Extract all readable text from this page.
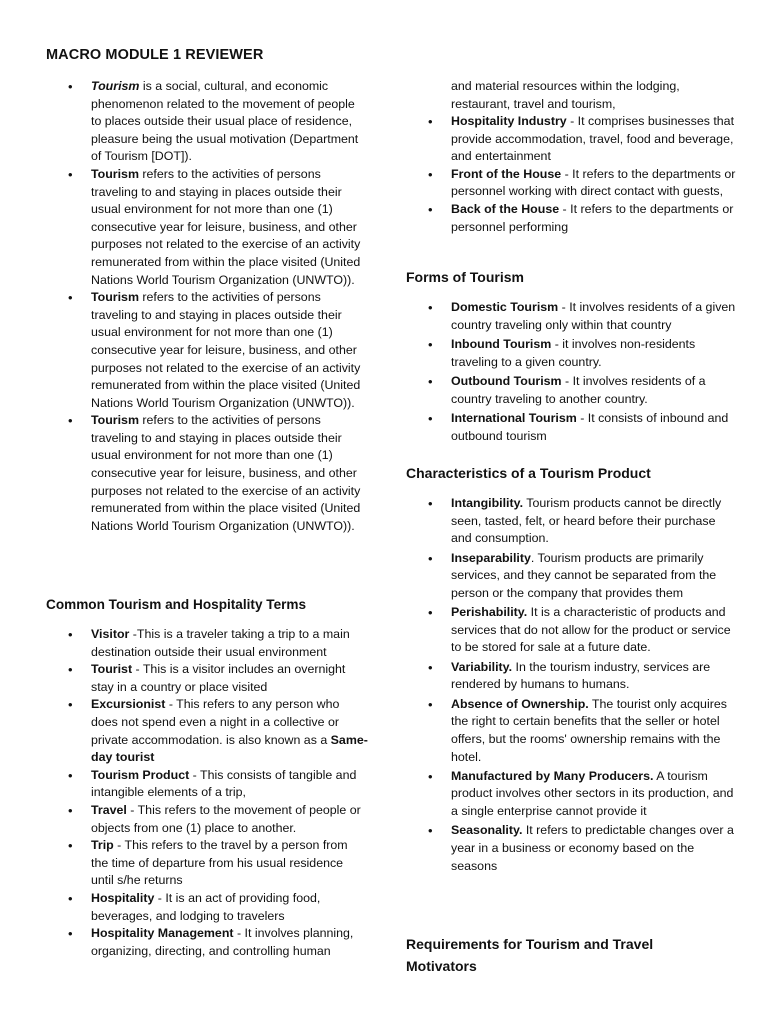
MACRO MODULE 1 REVIEWER
• Tourism is a social, cultural, and economic phenomenon related to the movement of people to places outside their usual place of residence, pleasure being the usual motivation (Department of Tourism [DOT]).
• Tourism refers to the activities of persons traveling to and staying in places outside their usual environment for not more than one (1) consecutive year for leisure, business, and other purposes not related to the exercise of an activity remunerated from within the place visited (United Nations World Tourism Organization (UNWTO)).
• Tourism refers to the activities of persons traveling to and staying in places outside their usual environment for not more than one (1) consecutive year for leisure, business, and other purposes not related to the exercise of an activity remunerated from within the place visited (United Nations World Tourism Organization (UNWTO)).
• Tourism refers to the activities of persons traveling to and staying in places outside their usual environment for not more than one (1) consecutive year for leisure, business, and other purposes not related to the exercise of an activity remunerated from within the place visited (United Nations World Tourism Organization (UNWTO)).
Common Tourism and Hospitality Terms
• Visitor -This is a traveler taking a trip to a main destination outside their usual environment
• Tourist - This is a visitor includes an overnight stay in a country or place visited
• Excursionist - This refers to any person who does not spend even a night in a collective or private accommodation. is also known as a Same-day tourist
• Tourism Product - This consists of tangible and intangible elements of a trip,
• Travel - This refers to the movement of people or objects from one (1) place to another.
• Trip - This refers to the travel by a person from the time of departure from his usual residence until s/he returns
• Hospitality - It is an act of providing food, beverages, and lodging to travelers
• Hospitality Management - It involves planning, organizing, directing, and controlling human
and material resources within the lodging, restaurant, travel and tourism,
• Hospitality Industry - It comprises businesses that provide accommodation, travel, food and beverage, and entertainment
• Front of the House - It refers to the departments or personnel working with direct contact with guests,
• Back of the House - It refers to the departments or personnel performing
Forms of Tourism
• Domestic Tourism - It involves residents of a given country traveling only within that country
• Inbound Tourism - it involves non-residents traveling to a given country.
• Outbound Tourism - It involves residents of a country traveling to another country.
• International Tourism - It consists of inbound and outbound tourism
Characteristics of a Tourism Product
• Intangibility. Tourism products cannot be directly seen, tasted, felt, or heard before their purchase and consumption.
• Inseparability. Tourism products are primarily services, and they cannot be separated from the person or the company that provides them
• Perishability. It is a characteristic of products and services that do not allow for the product or service to be stored for sale at a future date.
• Variability. In the tourism industry, services are rendered by humans to humans.
• Absence of Ownership. The tourist only acquires the right to certain benefits that the seller or hotel offers, but the rooms' ownership remains with the hotel.
• Manufactured by Many Producers. A tourism product involves other sectors in its production, and a single enterprise cannot provide it
• Seasonality. It refers to predictable changes over a year in a business or economy based on the seasons
Requirements for Tourism and Travel Motivators
